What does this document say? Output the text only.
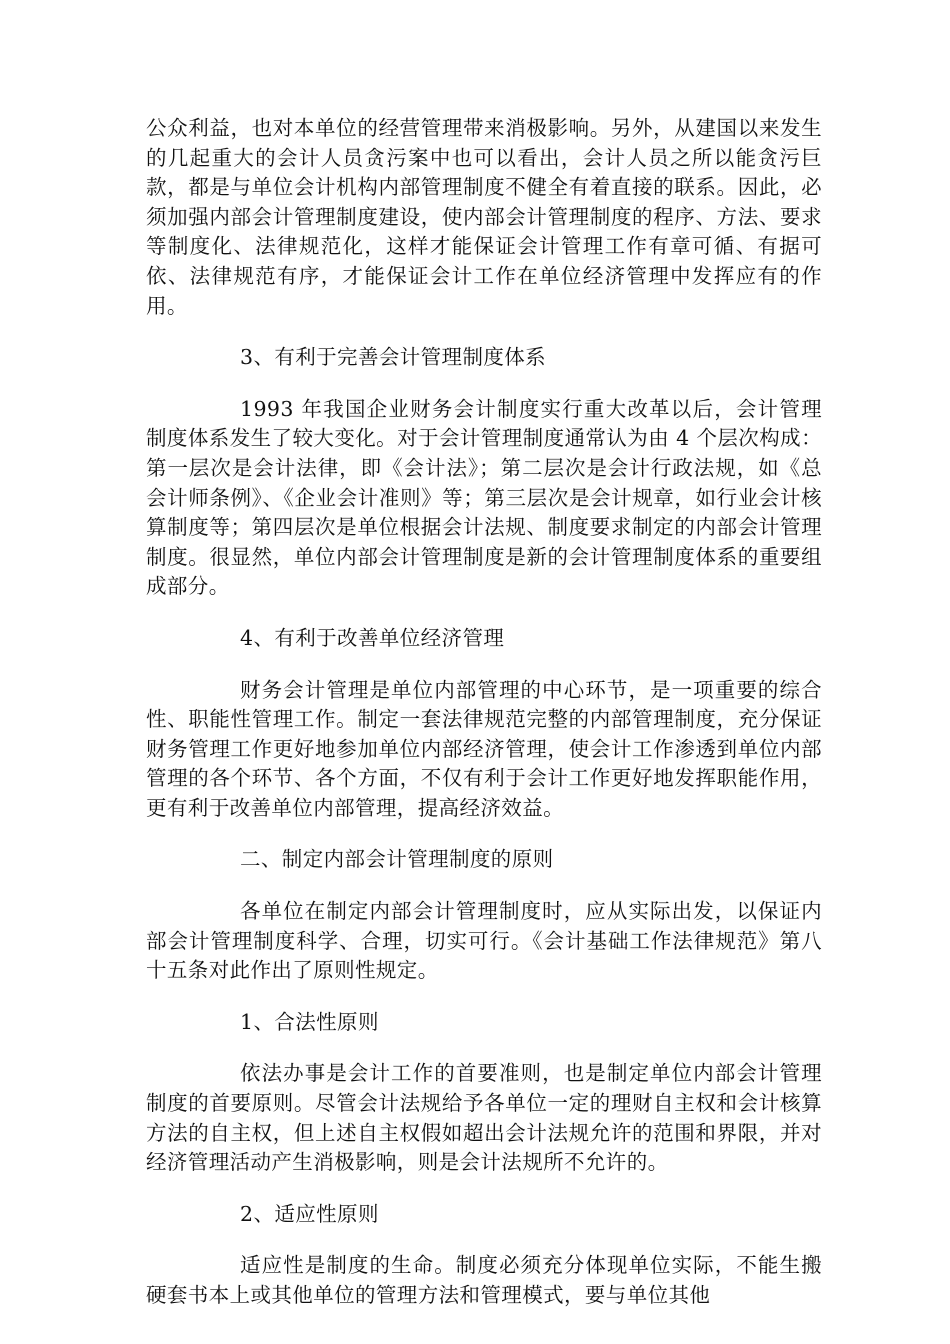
公众利益，也对本单位的经营管理带来消极影响。另外，从建国以来发生的几起重大的会计人员贪污案中也可以看出，会计人员之所以能贪污巨款，都是与单位会计机构内部管理制度不健全有着直接的联系。因此，必须加强内部会计管理制度建设，使内部会计管理制度的程序、方法、要求等制度化、法律规范化，这样才能保证会计管理工作有章可循、有据可依、法律规范有序，才能保证会计工作在单位经济管理中发挥应有的作用。

3、有利于完善会计管理制度体系

1993 年我国企业财务会计制度实行重大改革以后，会计管理制度体系发生了较大变化。对于会计管理制度通常认为由 4 个层次构成：第一层次是会计法律，即《会计法》；第二层次是会计行政法规，如《总会计师条例》、《企业会计准则》等；第三层次是会计规章，如行业会计核算制度等；第四层次是单位根据会计法规、制度要求制定的内部会计管理制度。很显然，单位内部会计管理制度是新的会计管理制度体系的重要组成部分。

4、有利于改善单位经济管理

财务会计管理是单位内部管理的中心环节，是一项重要的综合性、职能性管理工作。制定一套法律规范完整的内部管理制度，充分保证财务管理工作更好地参加单位内部经济管理，使会计工作渗透到单位内部管理的各个环节、各个方面，不仅有利于会计工作更好地发挥职能作用，更有利于改善单位内部管理，提高经济效益。

二、制定内部会计管理制度的原则

各单位在制定内部会计管理制度时，应从实际出发，以保证内部会计管理制度科学、合理，切实可行。《会计基础工作法律规范》第八十五条对此作出了原则性规定。

1、合法性原则

依法办事是会计工作的首要准则，也是制定单位内部会计管理制度的首要原则。尽管会计法规给予各单位一定的理财自主权和会计核算方法的自主权，但上述自主权假如超出会计法规允许的范围和界限，并对经济管理活动产生消极影响，则是会计法规所不允许的。

2、适应性原则

适应性是制度的生命。制度必须充分体现单位实际，不能生搬硬套书本上或其他单位的管理方法和管理模式，要与单位其他
